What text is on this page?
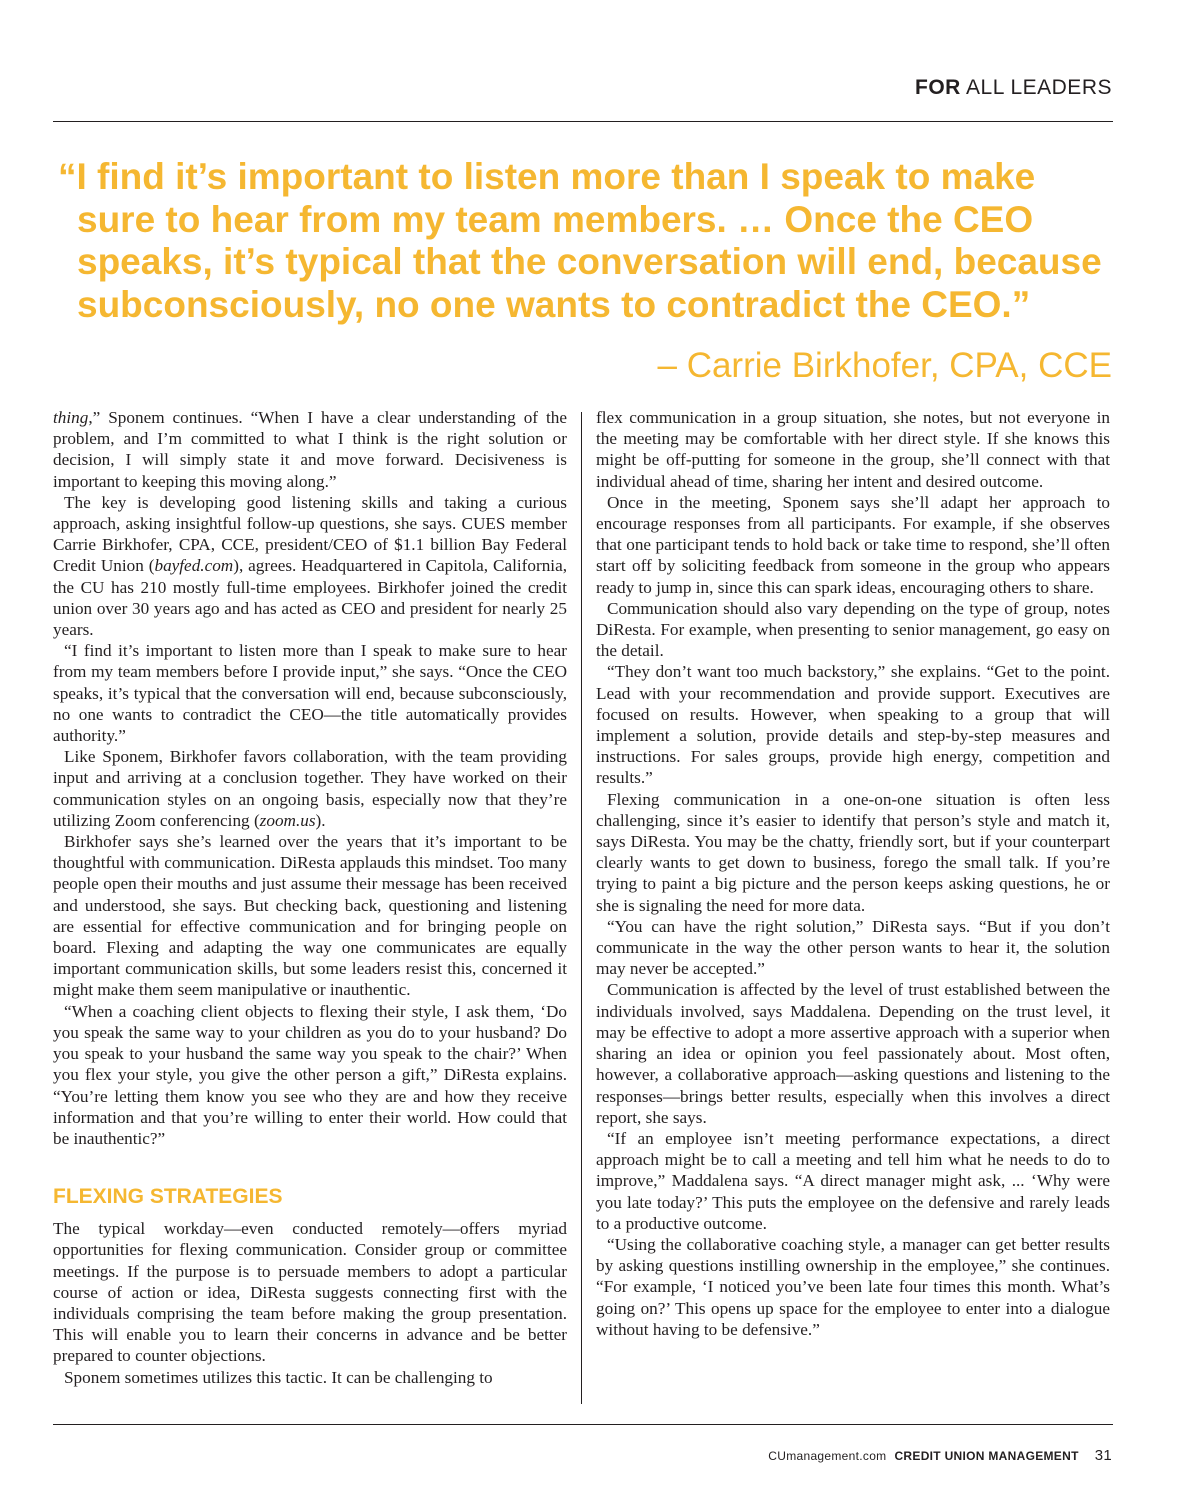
FOR ALL LEADERS
“I find it’s important to listen more than I speak to make sure to hear from my team members. … Once the CEO speaks, it’s typical that the conversation will end, because subconsciously, no one wants to contradict the CEO.”
– Carrie Birkhofer, CPA, CCE

thing,” Sponem continues. “When I have a clear understanding of the problem, and I’m committed to what I think is the right solution or decision, I will simply state it and move forward. Decisiveness is important to keeping this moving along.”

The key is developing good listening skills and taking a curious approach, asking insightful follow-up questions, she says. CUES member Carrie Birkhofer, CPA, CCE, president/CEO of $1.1 billion Bay Federal Credit Union (bayfed.com), agrees. Headquartered in Capitola, California, the CU has 210 mostly full-time employees. Birkhofer joined the credit union over 30 years ago and has acted as CEO and president for nearly 25 years.

“I find it’s important to listen more than I speak to make sure to hear from my team members before I provide input,” she says. “Once the CEO speaks, it’s typical that the conversation will end, because subconsciously, no one wants to contradict the CEO—the title automatically provides authority.”

Like Sponem, Birkhofer favors collaboration, with the team providing input and arriving at a conclusion together. They have worked on their communication styles on an ongoing basis, especially now that they’re utilizing Zoom conferencing (zoom.us).

Birkhofer says she’s learned over the years that it’s important to be thoughtful with communication. DiResta applauds this mindset. Too many people open their mouths and just assume their message has been received and understood, she says. But checking back, questioning and listening are essential for effective communication and for bringing people on board. Flexing and adapting the way one communicates are equally important communication skills, but some leaders resist this, concerned it might make them seem manipulative or inauthentic.

“When a coaching client objects to flexing their style, I ask them, ‘Do you speak the same way to your children as you do to your husband? Do you speak to your husband the same way you speak to the chair?’ When you flex your style, you give the other person a gift,” DiResta explains. “You’re letting them know you see who they are and how they receive information and that you’re willing to enter their world. How could that be inauthentic?”

FLEXING STRATEGIES

The typical workday—even conducted remotely—offers myriad opportunities for flexing communication. Consider group or committee meetings. If the purpose is to persuade members to adopt a particular course of action or idea, DiResta suggests connecting first with the individuals comprising the team before making the group presentation. This will enable you to learn their concerns in advance and be better prepared to counter objections.

Sponem sometimes utilizes this tactic. It can be challenging to

flex communication in a group situation, she notes, but not everyone in the meeting may be comfortable with her direct style. If she knows this might be off-putting for someone in the group, she’ll connect with that individual ahead of time, sharing her intent and desired outcome.

Once in the meeting, Sponem says she’ll adapt her approach to encourage responses from all participants. For example, if she observes that one participant tends to hold back or take time to respond, she’ll often start off by soliciting feedback from someone in the group who appears ready to jump in, since this can spark ideas, encouraging others to share.

Communication should also vary depending on the type of group, notes DiResta. For example, when presenting to senior management, go easy on the detail.

“They don’t want too much backstory,” she explains. “Get to the point. Lead with your recommendation and provide support. Executives are focused on results. However, when speaking to a group that will implement a solution, provide details and step-by-step measures and instructions. For sales groups, provide high energy, competition and results.”

Flexing communication in a one-on-one situation is often less challenging, since it’s easier to identify that person’s style and match it, says DiResta. You may be the chatty, friendly sort, but if your counterpart clearly wants to get down to business, forego the small talk. If you’re trying to paint a big picture and the person keeps asking questions, he or she is signaling the need for more data.

“You can have the right solution,” DiResta says. “But if you don’t communicate in the way the other person wants to hear it, the solution may never be accepted.”

Communication is affected by the level of trust established between the individuals involved, says Maddalena. Depending on the trust level, it may be effective to adopt a more assertive approach with a superior when sharing an idea or opinion you feel passionately about. Most often, however, a collaborative approach—asking questions and listening to the responses—brings better results, especially when this involves a direct report, she says.

“If an employee isn’t meeting performance expectations, a direct approach might be to call a meeting and tell him what he needs to do to improve,” Maddalena says. “A direct manager might ask, ... ‘Why were you late today?’ This puts the employee on the defensive and rarely leads to a productive outcome.

“Using the collaborative coaching style, a manager can get better results by asking questions instilling ownership in the employee,” she continues. “For example, ‘I noticed you’ve been late four times this month. What’s going on?’ This opens up space for the employee to enter into a dialogue without having to be defensive.”

CUmanagement.com CREDIT UNION MANAGEMENT 31
